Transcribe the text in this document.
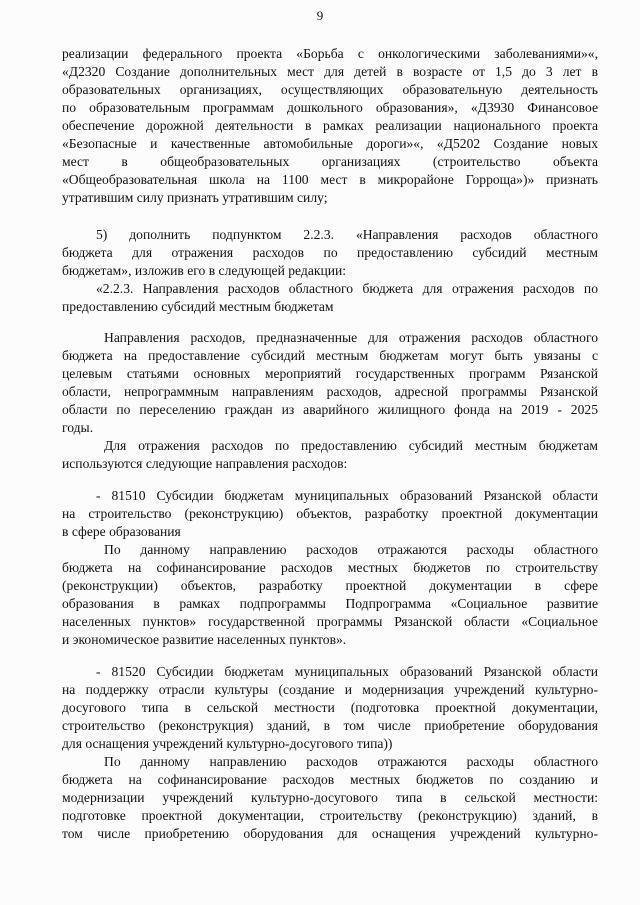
9
реализации федерального проекта «Борьба с онкологическими заболеваниями»«,
«Д2320 Создание дополнительных мест для детей в возрасте от 1,5 до 3 лет в
образовательных организациях, осуществляющих образовательную деятельность
по образовательным программам дошкольного образования», «Д3930 Финансовое
обеспечение дорожной деятельности в рамках реализации национального проекта
«Безопасные и качественные автомобильные дороги»«, «Д5202 Создание новых
мест в общеобразовательных организациях (строительство объекта
«Общеобразовательная школа на 1100 мест в микрорайоне Горроща»)» признать
утратившим силу признать утратившим силу;
5) дополнить подпунктом 2.2.3. «Направления расходов областного
бюджета для отражения расходов по предоставлению субсидий местным
бюджетам», изложив его в следующей редакции:
«2.2.3. Направления расходов областного бюджета для отражения расходов по
предоставлению субсидий местным бюджетам
Направления расходов, предназначенные для отражения расходов областного
бюджета на предоставление субсидий местным бюджетам могут быть увязаны с
целевым статьями основных мероприятий государственных программ Рязанской
области, непрограммным направлениям расходов, адресной программы Рязанской
области по переселению граждан из аварийного жилищного фонда на 2019 - 2025
годы.
Для отражения расходов по предоставлению субсидий местным бюджетам
используются следующие направления расходов:
- 81510 Субсидии бюджетам муниципальных образований Рязанской области
на строительство (реконструкцию) объектов, разработку проектной документации
в сфере образования
По данному направлению расходов отражаются расходы областного
бюджета на софинансирование расходов местных бюджетов по строительству
(реконструкции) объектов, разработку проектной документации в сфере
образования в рамках подпрограммы Подпрограмма «Социальное развитие
населенных пунктов» государственной программы Рязанской области «Социальное
и экономическое развитие населенных пунктов».
- 81520 Субсидии бюджетам муниципальных образований Рязанской области
на поддержку отрасли культуры (создание и модернизация учреждений культурно-
досугового типа в сельской местности (подготовка проектной документации,
строительство (реконструкция) зданий, в том числе приобретение оборудования
для оснащения учреждений культурно-досугового типа))
По данному направлению расходов отражаются расходы областного
бюджета на софинансирование расходов местных бюджетов по созданию и
модернизации учреждений культурно-досугового типа в сельской местности:
подготовке проектной документации, строительству (реконструкцию) зданий, в
том числе приобретению оборудования для оснащения учреждений культурно-
